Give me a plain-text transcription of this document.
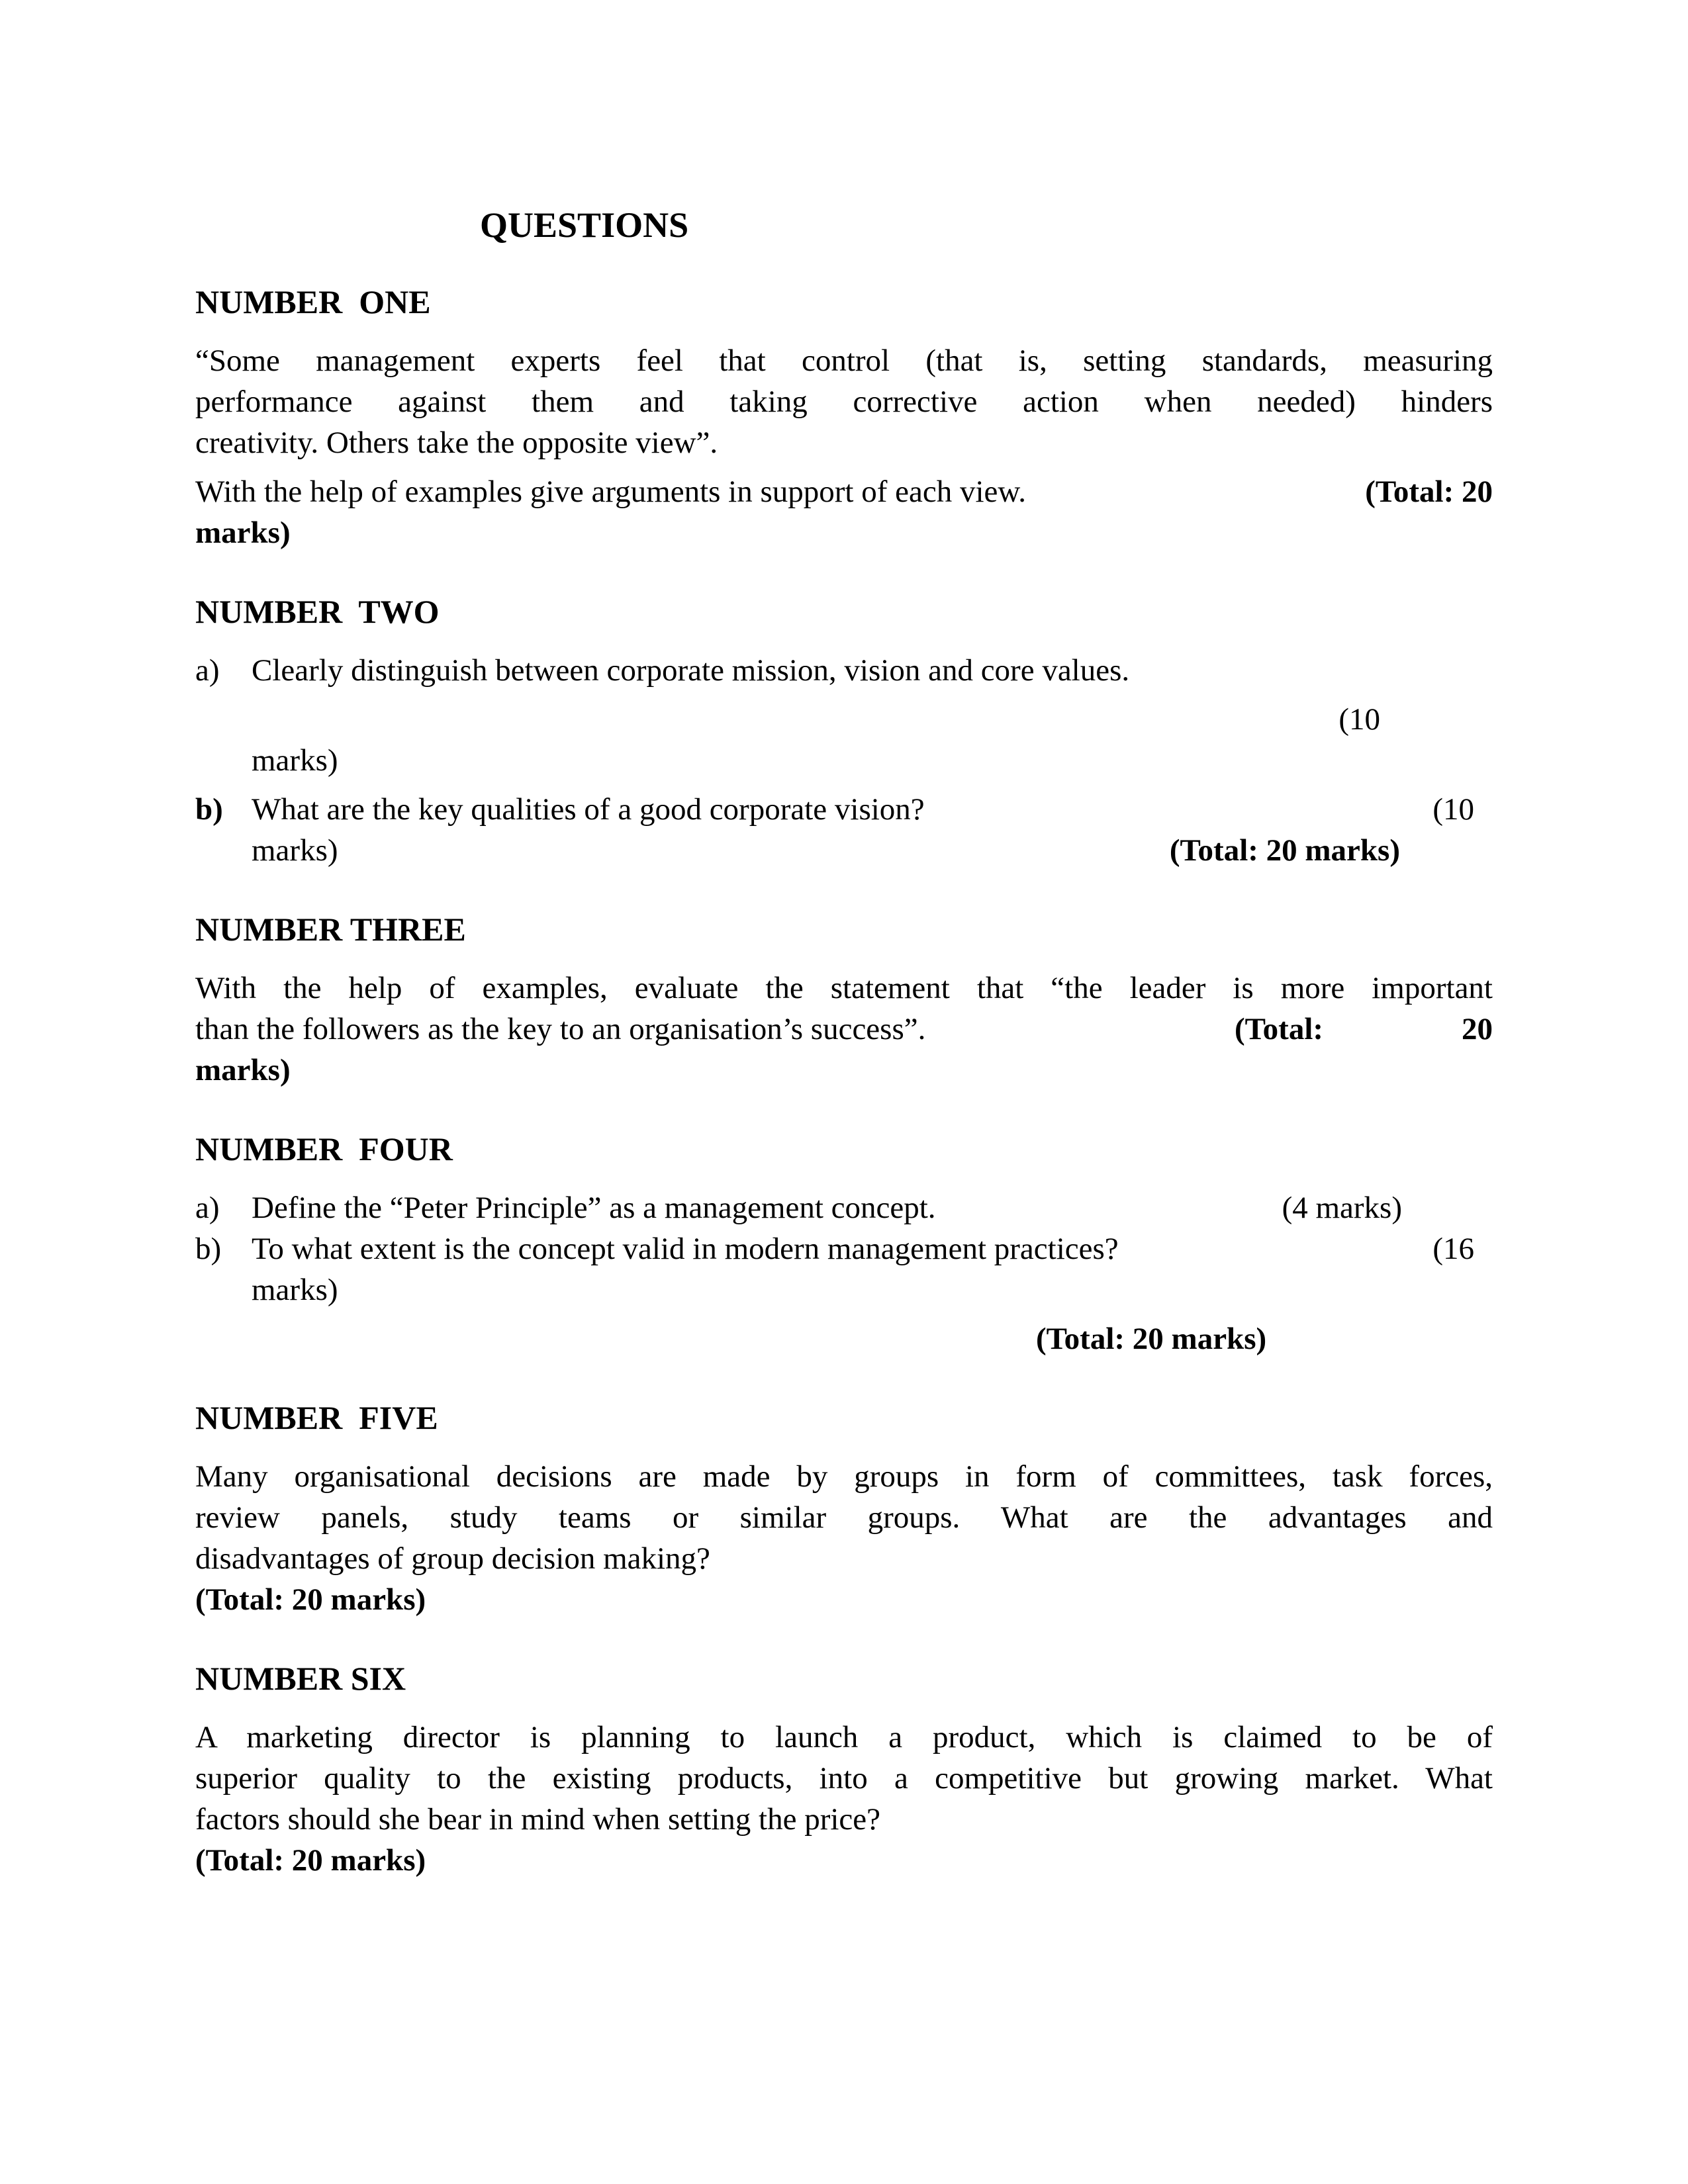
QUESTIONS
NUMBER  ONE
“Some management experts feel that control (that is, setting standards, measuring
performance against them and taking corrective action when needed) hinders
creativity. Others take the opposite view”.
With the help of examples give arguments in support of each view.	(Total: 20
marks)
NUMBER  TWO
a) Clearly distinguish between corporate mission, vision and core values.
(10
marks)
b) What are the key qualities of a good corporate vision?	(10
marks)	(Total: 20 marks)
NUMBER THREE
With the help of examples, evaluate the statement that “the leader is more important
than the followers as the key to an organisation’s success”.	(Total:	20
marks)
NUMBER  FOUR
a) Define the “Peter Principle” as a management concept.	(4 marks)
b) To what extent is the concept valid in modern management practices?	(16
marks)
(Total: 20 marks)
NUMBER  FIVE
Many organisational decisions are made by groups in form of committees, task forces,
review panels, study teams or similar groups. What are the advantages and
disadvantages of group decision making?
(Total: 20 marks)
NUMBER SIX
A marketing director is planning to launch a product, which is claimed to be of
superior quality to the existing products, into a competitive but growing market. What
factors should she bear in mind when setting the price?
(Total: 20 marks)
